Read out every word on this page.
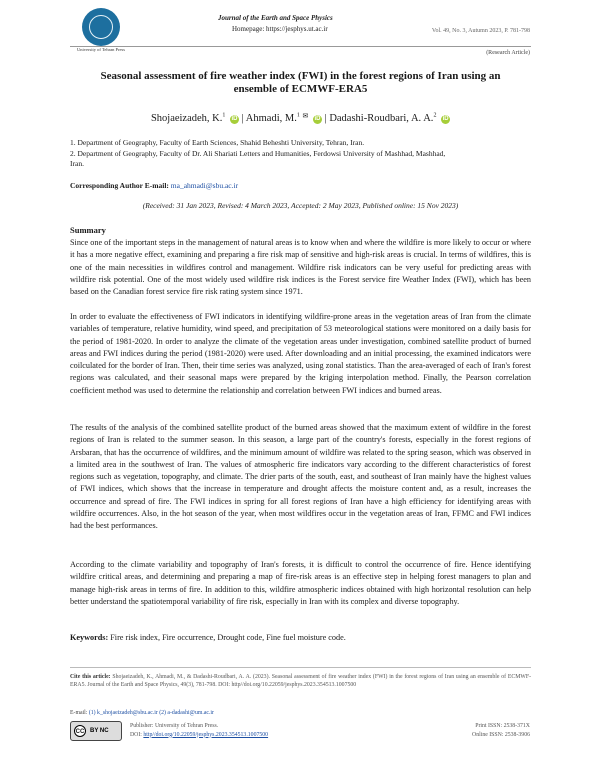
University of Tehran Press
Journal of the Earth and Space Physics
Homepage: https://jesphys.ut.ac.ir	Vol. 49, No. 3, Autumn 2023, P. 781-798
(Research Article)
Seasonal assessment of fire weather index (FWI) in the forest regions of Iran using an
ensemble of ECMWF-ERA5
Shojaeizadeh, K.$^1$ iD | Ahmadi, M.$^1$ ✉ iD | Dadashi-Roudbari, A. A.$^2$ iD
1. Department of Geography, Faculty of Earth Sciences, Shahid Beheshti University, Tehran, Iran.
2. Department of Geography, Faculty of Dr. Ali Shariati Letters and Humanities, Ferdowsi University of Mashhad, Mashhad,
Iran.
Corresponding Author E-mail: ma_ahmadi@sbu.ac.ir
(Received: 31 Jan 2023, Revised: 4 March 2023, Accepted: 2 May 2023, Published online: 15 Nov 2023)
Summary
Since one of the important steps in the management of natural areas is to know when and where the wildfire is more likely to occur or where it has a more negative effect, examining and preparing a fire risk map of sensitive and high-risk areas is crucial. In terms of wildfires, this is one of the main necessities in wildfires control and management. Wildfire risk indicators can be very useful for predicting areas with wildfire risk potential. One of the most widely used wildfire risk indices is the Forest service fire Weather Index (FWI), which has been based on the Canadian forest service fire risk rating system since 1971.
In order to evaluate the effectiveness of FWI indicators in identifying wildfire-prone areas in the vegetation areas of Iran from the climate variables of temperature, relative humidity, wind speed, and precipitation of 53 meteorological stations were monitored on a daily basis for the period of 1981-2020. In order to analyze the climate of the vegetation areas under investigation, combined satellite product of burned areas and FWI indices during the period (1981-2020) were used. After downloading and an initial processing, the examined indicators were coilculated for the border of Iran. Then, their time series was analyzed, using zonal statistics. Than the area-averaged of each of Iran's forest regions was calculated, and their seasonal maps were prepared by the kriging interpolation method. Finally, the Pearson correlation coefficient method was used to determine the relationship and correlation between FWI indices and burned areas.
The results of the analysis of the combined satellite product of the burned areas showed that the maximum extent of wildfire in the forest regions of Iran is related to the summer season. In this season, a large part of the country's forests, especially in the forest regions of Arsbaran, that has the occurrence of wildfires, and the minimum amount of wildfire was related to the spring season, which was observed in a limited area in the southwest of Iran. The values of atmospheric fire indicators vary according to the different characteristics of forest regions such as vegetation, topography, and climate. The drier parts of the south, east, and southeast of Iran mainly have the highest values of FWI indices, which shows that the increase in temperature and drought affects the moisture content and, as a result, increases the occurrence and spread of fire. The FWI indices in spring for all forest regions of Iran have a high efficiency for identifying areas with wildfire occurrences. Also, in the hot season of the year, when most wildfires occur in the vegetation areas of Iran, FFMC and FWI indices had the best performances.
According to the climate variability and topography of Iran's forests, it is difficult to control the occurrence of fire. Hence identifying wildfire critical areas, and determining and preparing a map of fire-risk areas is an effective step in helping forest managers to plan and manage high-risk areas in terms of fire. In addition to this, wildfire atmospheric indices obtained with high horizontal resolution can help better understand the spatiotemporal variability of fire risk, especially in Iran with its complex and diverse topography.
Keywords: Fire risk index, Fire occurrence, Drought code, Fine fuel moisture code.
Cite this article: Shojaeizadeh, K., Ahmadi, M., & Dadashi-Roudbari, A. A. (2023). Seasonal assessment of fire weather index (FWI) in the forest regions of Iran using an ensemble of ECMWF-ERA5. Journal of the Earth and Space Physics, 49(3), 781-798. DOI: http//doi.org/10.22059/jesphys.2023.354513.1007500
E-mail: (1) k_shojaeizadeh@sbu.ac.ir (2) a-dadashi@um.ac.ir
CC BY NC
Publisher: University of Tehran Press.
DOI: http//doi.org/10.22059/jesphys.2023.354513.1007500
Print ISSN: 2538-371X
Online ISSN: 2538-3906
